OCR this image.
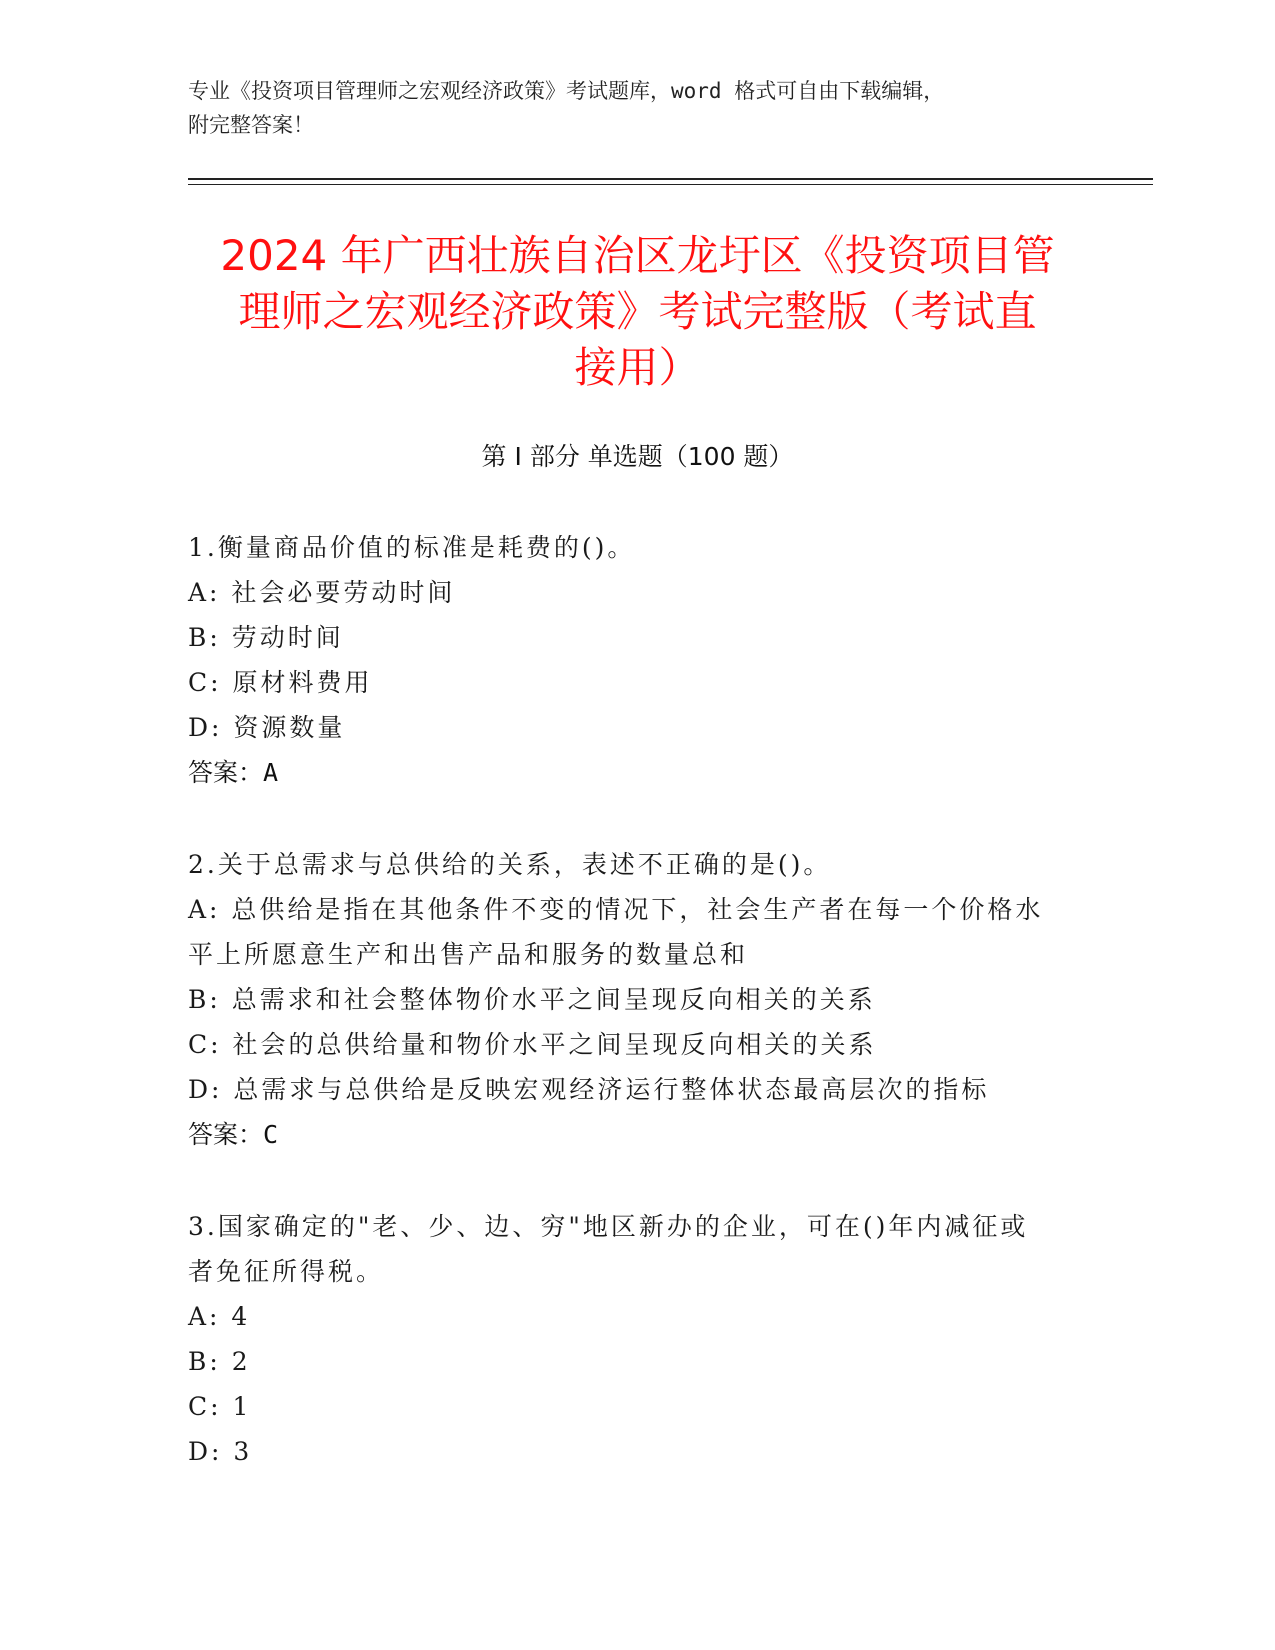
专业《投资项目管理师之宏观经济政策》考试题库，word 格式可自由下载编辑，
附完整答案！
2024 年广西壮族自治区龙圩区《投资项目管
理师之宏观经济政策》考试完整版（考试直
接用）
第 I 部分 单选题（100 题）
1.衡量商品价值的标准是耗费的()。
A: 社会必要劳动时间
B: 劳动时间
C: 原材料费用
D: 资源数量
答案：A
2.关于总需求与总供给的关系，表述不正确的是()。
A: 总供给是指在其他条件不变的情况下，社会生产者在每一个价格水
平上所愿意生产和出售产品和服务的数量总和
B: 总需求和社会整体物价水平之间呈现反向相关的关系
C: 社会的总供给量和物价水平之间呈现反向相关的关系
D: 总需求与总供给是反映宏观经济运行整体状态最高层次的指标
答案：C
3.国家确定的"老、少、边、穷"地区新办的企业，可在()年内减征或
者免征所得税。
A: 4
B: 2
C: 1
D: 3
